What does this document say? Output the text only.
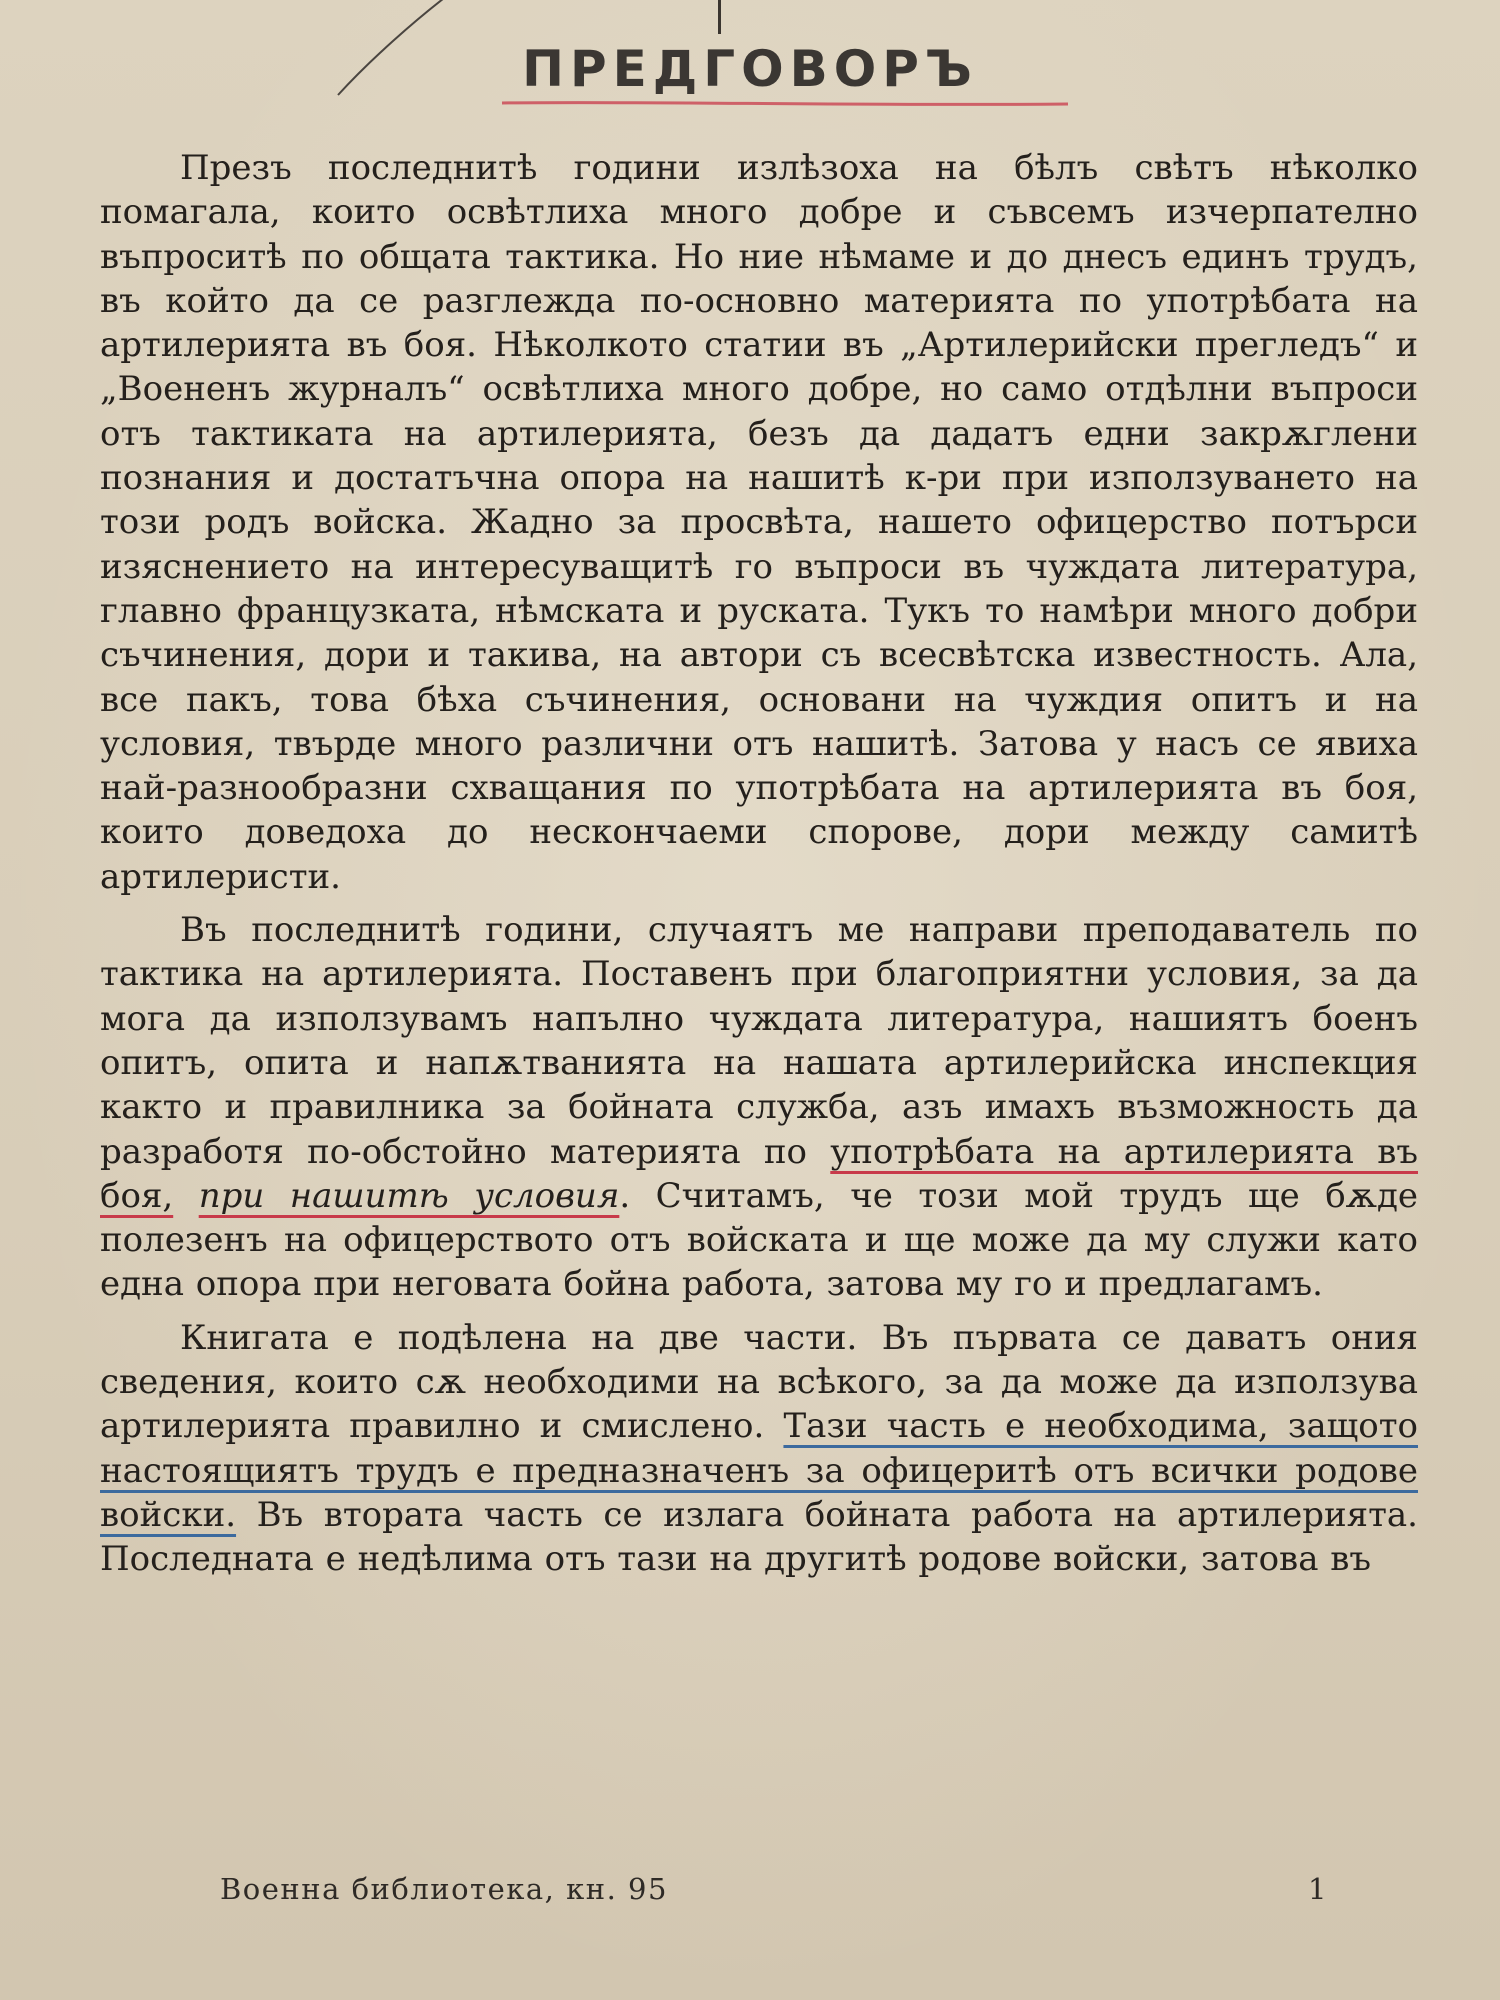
ПРЕДГОВОРЪ

Презъ последнитѣ години излѣзоха на бѣлъ свѣтъ нѣколко помагала, които освѣтлиха много добре и съвсемъ изчерпателно въпроситѣ по общата тактика. Но ние нѣмаме и до днесъ единъ трудъ, въ който да се разглежда по-основно материята по употрѣбата на артилерията въ боя. Нѣколкото статии въ „Артилерийски прегледъ“ и „Воененъ журналъ“ освѣтлиха много добре, но само отдѣлни въпроси отъ тактиката на артилерията, безъ да дадатъ едни закрѫглени познания и достатъчна опора на нашитѣ к-ри при използуването на този родъ войска. Жадно за просвѣта, нашето офицерство потърси изяснението на интересуващитѣ го въпроси въ чуждата литература, главно французката, нѣмската и руската. Тукъ то намѣри много добри съчинения, дори и такива, на автори съ всесвѣтска известность. Ала, все пакъ, това бѣха съчинения, основани на чуждия опитъ и на условия, твърде много различни отъ нашитѣ. Затова у насъ се явиха най-разнообразни схващания по употрѣбата на артилерията въ боя, които доведоха до нескончаеми спорове, дори между самитѣ артилеристи.

Въ последнитѣ години, случаятъ ме направи преподаватель по тактика на артилерията. Поставенъ при благоприятни условия, за да мога да използувамъ напълно чуждата литература, нашиятъ боенъ опитъ, опита и напѫтванията на нашата артилерийска инспекция както и правилника за бойната служба, азъ имахъ възможность да разработя по-обстойно материята по употрѣбата на артилерията въ боя, при нашитѣ условия. Считамъ, че този мой трудъ ще бѫде полезенъ на офицерството отъ войската и ще може да му служи като една опора при неговата бойна работа, затова му го и предлагамъ.

Книгата е подѣлена на две части. Въ първата се даватъ ония сведения, които сѫ необходими на всѣкого, за да може да използува артилерията правилно и смислено. Тази часть е необходима, защото настоящиятъ трудъ е предназначенъ за офицеритѣ отъ всички родове войски. Въ втората часть се излага бойната работа на артилерията. Последната е недѣлима отъ тази на другитѣ родове войски, затова въ

Военна библиотека, кн. 95	1
